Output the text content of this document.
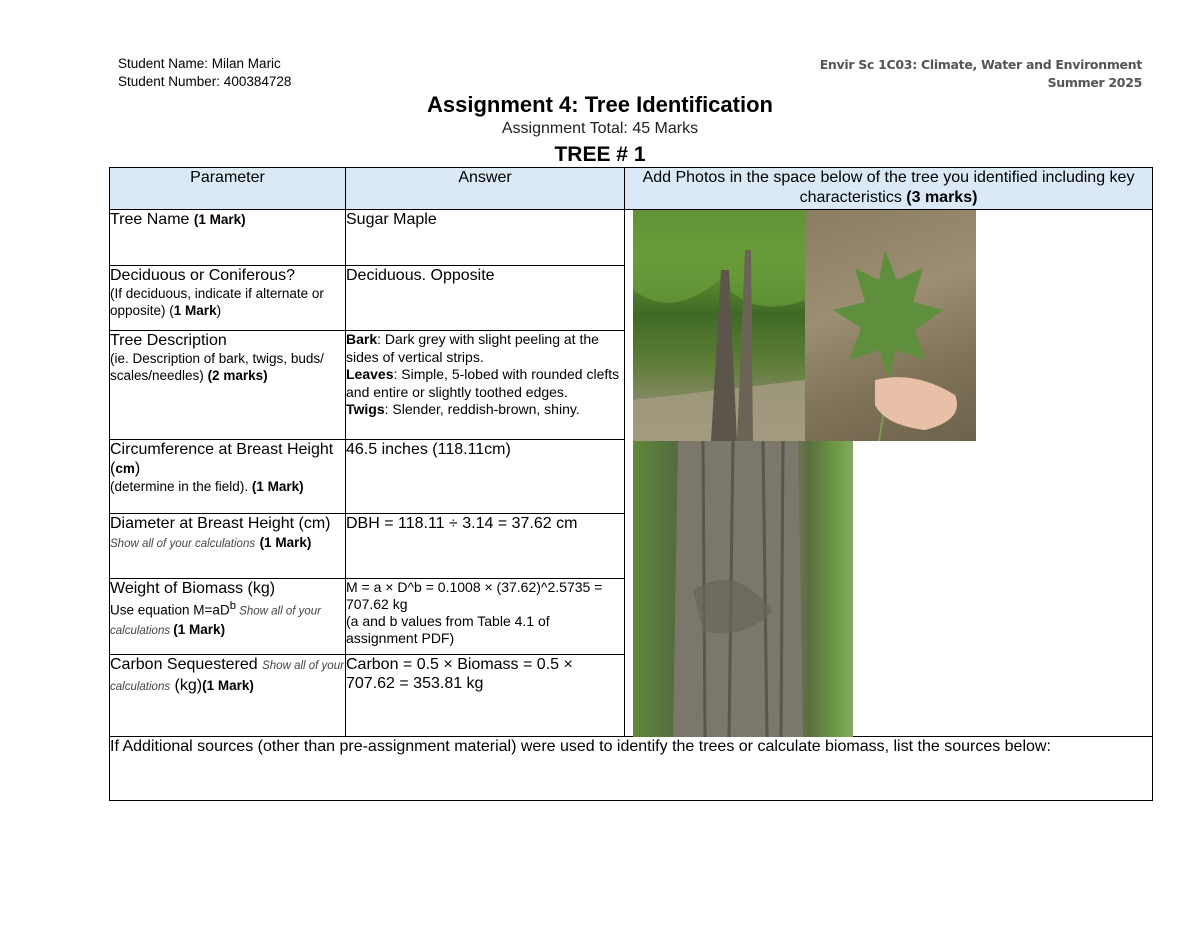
Student Name: Milan Maric
Student Number: 400384728
Envir Sc 1C03: Climate, Water and Environment
Summer 2025
Assignment 4: Tree Identification
Assignment Total: 45 Marks
TREE # 1
Parameter	Answer	Add Photos in the space below of the tree you identified including key characteristics (3 marks)
Tree Name (1 Mark)	Sugar Maple	

Deciduous or Coniferous?
(If deciduous, indicate if alternate or opposite) (1 Mark)	Deciduous. Opposite	
Tree Description
(ie. Description of bark, twigs, buds/ scales/needles) (2 marks)	Bark: Dark grey with slight peeling at the sides of vertical strips.
Leaves: Simple, 5-lobed with rounded clefts and entire or slightly toothed edges.
Twigs: Slender, reddish-brown, shiny.	
Circumference at Breast Height (cm)
(determine in the field). (1 Mark)	46.5 inches (118.11cm)	
Diameter at Breast Height (cm) Show all of your calculations (1 Mark)	DBH = 118.11 ÷ 3.14 = 37.62 cm	
Weight of Biomass (kg)
Use equation $M=aD^b$ Show all of your calculations (1 Mark)	M = a × D^b = 0.1008 × (37.62)^2.5735 = 707.62 kg
(a and b values from Table 4.1 of assignment PDF)	
Carbon Sequestered Show all of your calculations (kg)(1 Mark)	Carbon = 0.5 × Biomass = 0.5 × 707.62 = 353.81 kg	
If Additional sources (other than pre-assignment material) were used to identify the trees or calculate biomass, list the sources below:		
